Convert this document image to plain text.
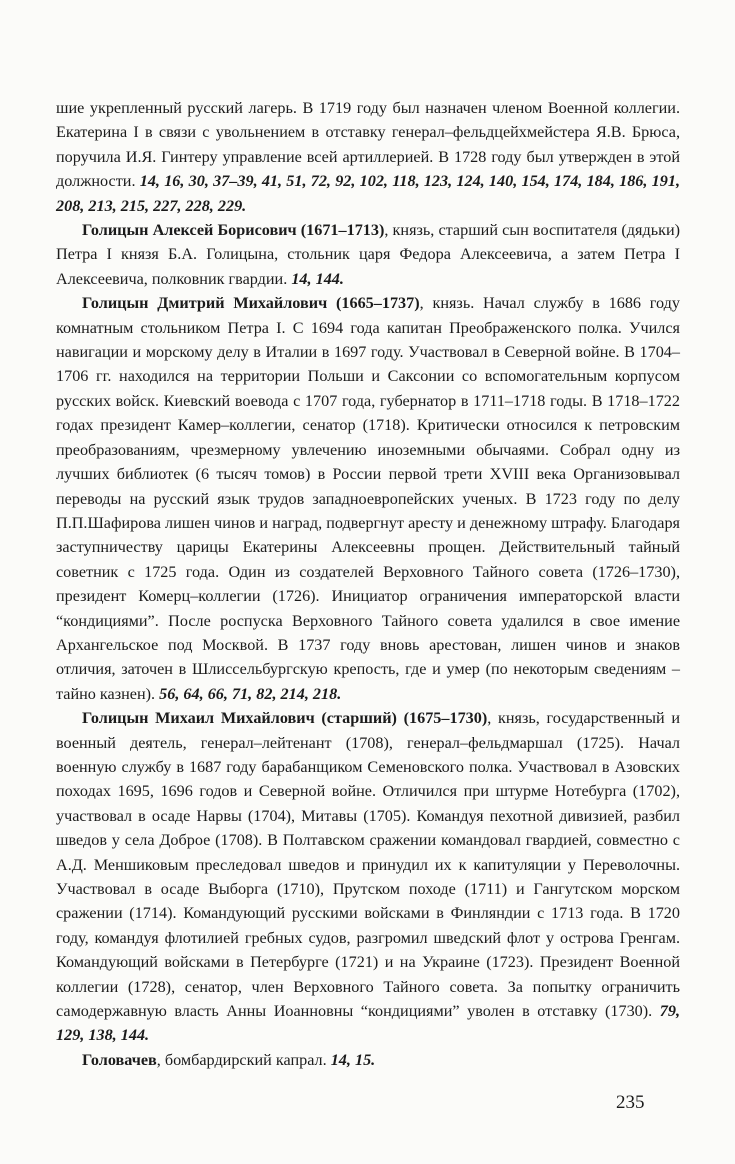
шие укрепленный русский лагерь. В 1719 году был назначен членом Военной коллегии. Екатерина I в связи с увольнением в отставку генерал–фельдцейхмейстера Я.В. Брюса, поручила И.Я. Гинтеру управление всей артиллерией. В 1728 году был утвержден в этой должности. 14, 16, 30, 37–39, 41, 51, 72, 92, 102, 118, 123, 124, 140, 154, 174, 184, 186, 191, 208, 213, 215, 227, 228, 229.

Голицын Алексей Борисович (1671–1713), князь, старший сын воспитателя (дядьки) Петра I князя Б.А. Голицына, стольник царя Федора Алексеевича, а затем Петра I Алексеевича, полковник гвардии. 14, 144.

Голицын Дмитрий Михайлович (1665–1737), князь. Начал службу в 1686 году комнатным стольником Петра I. С 1694 года капитан Преображенского полка. Учился навигации и морскому делу в Италии в 1697 году. Участвовал в Северной войне. В 1704–1706 гг. находился на территории Польши и Саксонии со вспомогательным корпусом русских войск. Киевский воевода с 1707 года, губернатор в 1711–1718 годы. В 1718–1722 годах президент Камер–коллегии, сенатор (1718). Критически относился к петровским преобразованиям, чрезмерному увлечению иноземными обычаями. Собрал одну из лучших библиотек (6 тысяч томов) в России первой трети XVIII века Организовывал переводы на русский язык трудов западноевропейских ученых. В 1723 году по делу П.П.Шафирова лишен чинов и наград, подвергнут аресту и денежному штрафу. Благодаря заступничеству царицы Екатерины Алексеевны прощен. Действительный тайный советник с 1725 года. Один из создателей Верховного Тайного совета (1726–1730), президент Комерц–коллегии (1726). Инициатор ограничения императорской власти “кондициями”. После роспуска Верховного Тайного совета удалился в свое имение Архангельское под Москвой. В 1737 году вновь арестован, лишен чинов и знаков отличия, заточен в Шлиссельбургскую крепость, где и умер (по некоторым сведениям – тайно казнен). 56, 64, 66, 71, 82, 214, 218.

Голицын Михаил Михайлович (старший) (1675–1730), князь, государственный и военный деятель, генерал–лейтенант (1708), генерал–фельдмаршал (1725). Начал военную службу в 1687 году барабанщиком Семеновского полка. Участвовал в Азовских походах 1695, 1696 годов и Северной войне. Отличился при штурме Нотебурга (1702), участвовал в осаде Нарвы (1704), Митавы (1705). Командуя пехотной дивизией, разбил шведов у села Доброе (1708). В Полтавском сражении командовал гвардией, совместно с А.Д. Меншиковым преследовал шведов и принудил их к капитуляции у Переволочны. Участвовал в осаде Выборга (1710), Прутском походе (1711) и Гангутском морском сражении (1714). Командующий русскими войсками в Финляндии с 1713 года. В 1720 году, командуя флотилией гребных судов, разгромил шведский флот у острова Гренгам. Командующий войсками в Петербурге (1721) и на Украине (1723). Президент Военной коллегии (1728), сенатор, член Верховного Тайного совета. За попытку ограничить самодержавную власть Анны Иоанновны “кондициями” уволен в отставку (1730). 79, 129, 138, 144.

Головачев, бомбардирский капрал. 14, 15.

235
